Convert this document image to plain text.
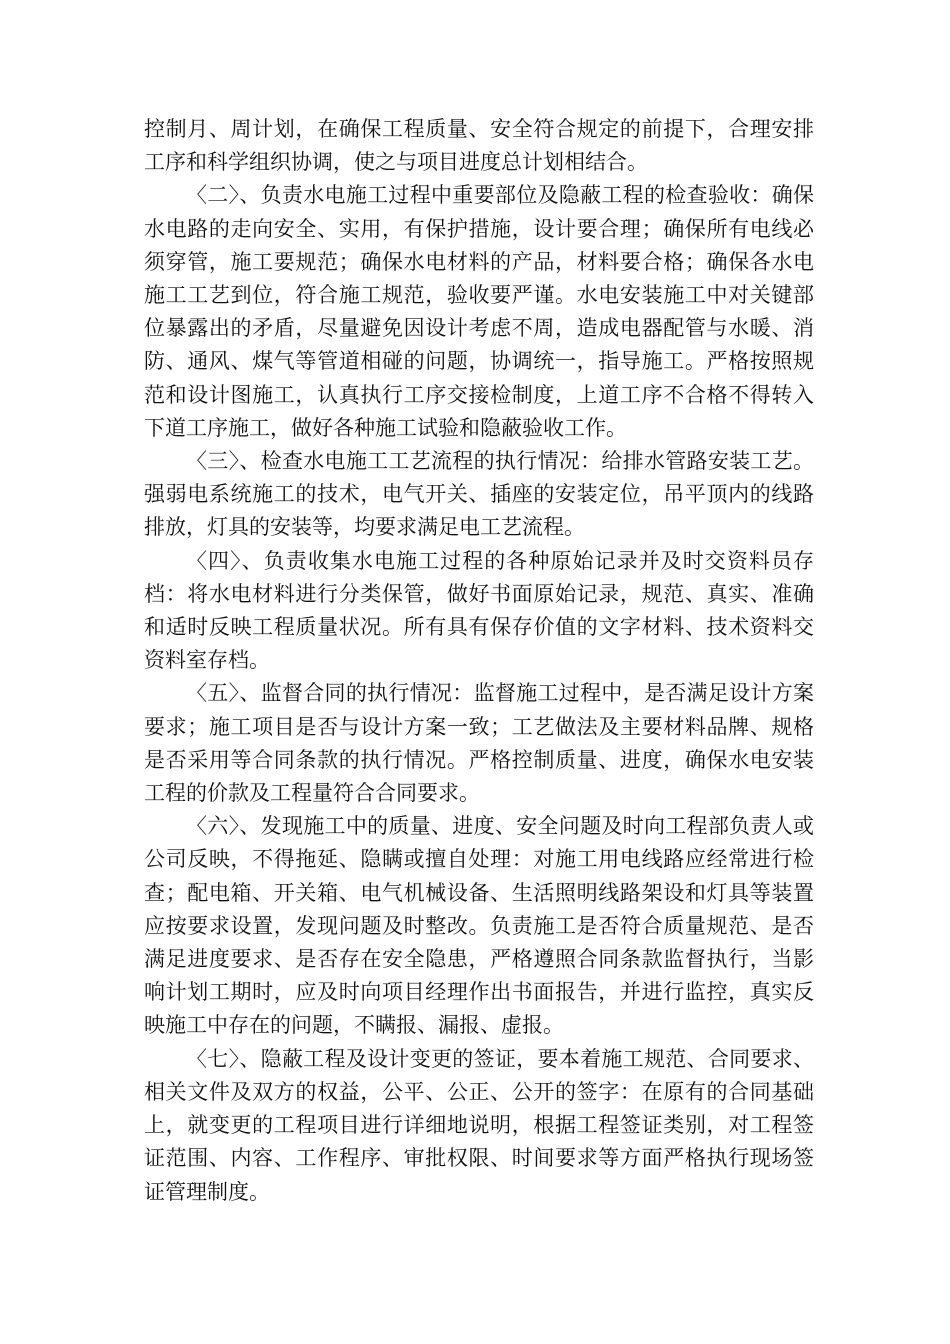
控制月、周计划，在确保工程质量、安全符合规定的前提下，合理安排工序和科学组织协调，使之与项目进度总计划相结合。

〈二〉、负责水电施工过程中重要部位及隐蔽工程的检查验收：确保水电路的走向安全、实用，有保护措施，设计要合理；确保所有电线必须穿管，施工要规范；确保水电材料的产品，材料要合格；确保各水电施工工艺到位，符合施工规范，验收要严谨。水电安装施工中对关键部位暴露出的矛盾，尽量避免因设计考虑不周，造成电器配管与水暖、消防、通风、煤气等管道相碰的问题，协调统一，指导施工。严格按照规范和设计图施工，认真执行工序交接检制度，上道工序不合格不得转入下道工序施工，做好各种施工试验和隐蔽验收工作。

〈三〉、检查水电施工工艺流程的执行情况：给排水管路安装工艺。强弱电系统施工的技术，电气开关、插座的安装定位，吊平顶内的线路排放，灯具的安装等，均要求满足电工艺流程。

〈四〉、负责收集水电施工过程的各种原始记录并及时交资料员存档：将水电材料进行分类保管，做好书面原始记录，规范、真实、准确和适时反映工程质量状况。所有具有保存价值的文字材料、技术资料交资料室存档。

〈五〉、监督合同的执行情况：监督施工过程中，是否满足设计方案要求；施工项目是否与设计方案一致；工艺做法及主要材料品牌、规格是否采用等合同条款的执行情况。严格控制质量、进度，确保水电安装工程的价款及工程量符合合同要求。

〈六〉、发现施工中的质量、进度、安全问题及时向工程部负责人或公司反映，不得拖延、隐瞒或擅自处理：对施工用电线路应经常进行检查；配电箱、开关箱、电气机械设备、生活照明线路架设和灯具等装置应按要求设置，发现问题及时整改。负责施工是否符合质量规范、是否满足进度要求、是否存在安全隐患，严格遵照合同条款监督执行，当影响计划工期时，应及时向项目经理作出书面报告，并进行监控，真实反映施工中存在的问题，不瞒报、漏报、虚报。

〈七〉、隐蔽工程及设计变更的签证，要本着施工规范、合同要求、相关文件及双方的权益，公平、公正、公开的签字：在原有的合同基础上，就变更的工程项目进行详细地说明，根据工程签证类别，对工程签证范围、内容、工作程序、审批权限、时间要求等方面严格执行现场签证管理制度。
